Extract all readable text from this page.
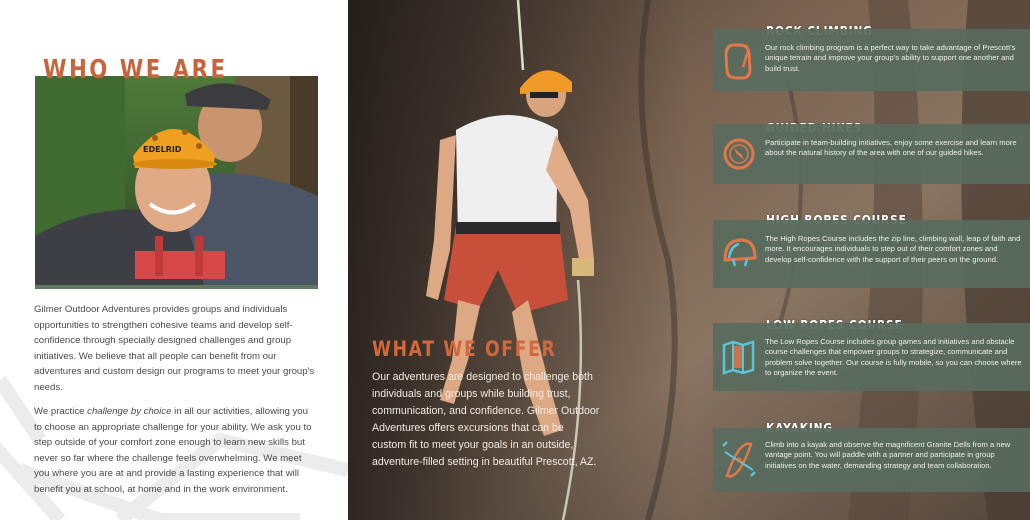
WHO WE ARE
EDELRID

Gilmer Outdoor Adventures provides groups and individuals opportunities to strengthen cohesive teams and develop self-confidence through specially designed challenges and group initiatives. We believe that all people can benefit from our adventures and custom design our programs to meet your group's needs.

We practice challenge by choice in all our activities, allowing you to choose an appropriate challenge for your ability. We ask you to step outside of your comfort zone enough to learn new skills but never so far where the challenge feels overwhelming. We meet you where you are at and provide a lasting experience that will benefit you at school, at home and in the work environment.

WHAT WE OFFER
Our adventures are designed to challenge both individuals and groups while building trust, communication, and confidence. Gilmer Outdoor Adventures offers excursions that can be custom fit to meet your goals in an outside, adventure-filled setting in beautiful Prescott, AZ.
Our rock climbing program is a perfect way to take advantage of Prescott's unique terrain and improve your group's ability to support one another and build trust.
Participate in team-building initiatives, enjoy some exercise and learn more about the natural history of the area with one of our guided hikes.
The High Ropes Course includes the zip line, climbing wall, leap of faith and more. It encourages individuals to step out of their comfort zones and develop self-confidence with the support of their peers on the ground.
The Low Ropes Course includes group games and initiatives and obstacle course challenges that empower groups to strategize, communicate and problem solve together. Our course is fully mobile, so you can choose where to organize the event.
Climb into a kayak and observe the magnificent Granite Dells from a new vantage point. You will paddle with a partner and participate in group initiatives on the water, demanding strategy and team collaboration.
